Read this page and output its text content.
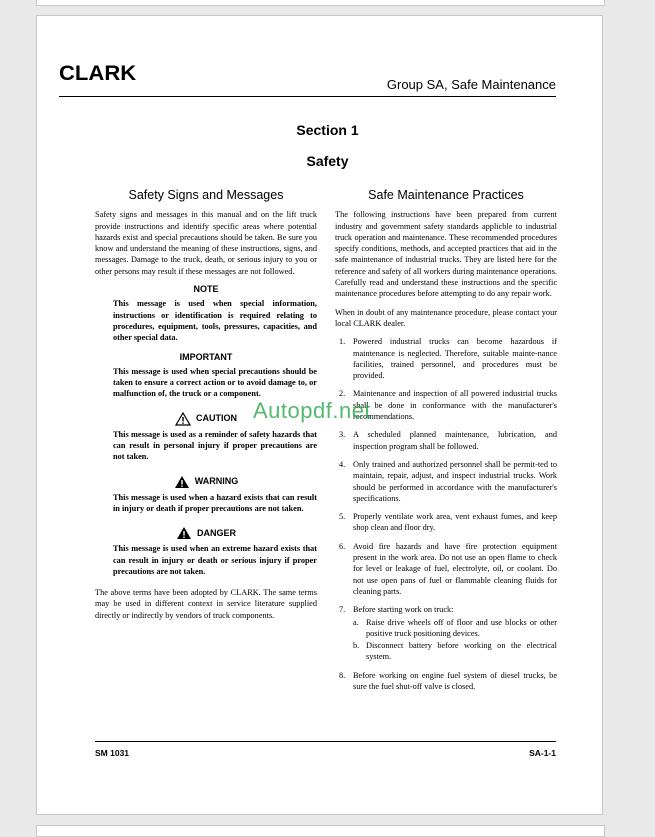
CLARK	Group SA, Safe Maintenance
Section 1
Safety
Safety Signs and Messages

Safety signs and messages in this manual and on the lift truck provide instructions and identify specific areas where potential hazards exist and special precautions should be taken. Be sure you know and understand the meaning of these instructions, signs, and messages. Damage to the truck, death, or serious injury to you or other persons may result if these messages are not followed.

NOTE
This message is used when special information, instructions or identification is required relating to procedures, equipment, tools, pressures, capacities, and other special data.
IMPORTANT
This message is used when special precautions should be taken to ensure a correct action or to avoid damage to, or malfunction of, the truck or a component.
CAUTION
This message is used as a reminder of safety hazards that can result in personal injury if proper precautions are not taken.
WARNING
This message is used when a hazard exists that can result in injury or death if proper precautions are not taken.
DANGER
This message is used when an extreme hazard exists that can result in injury or death or serious injury if proper precautions are not taken.

The above terms have been adopted by CLARK. The same terms may be used in different context in service literature supplied directly or indirectly by vendors of truck components.

Safe Maintenance Practices

The following instructions have been prepared from current industry and government safety standards applicble to industrial truck operation and maintenance. These recommended procedures specify conditions, methods, and accepted practices that aid in the safe maintenance of industrial trucks. They are listed here for the reference and safety of all workers during maintenance operations. Carefully read and understand these instructions and the specific maintenance procedures before attempting to do any repair work.

When in doubt of any maintenance procedure, please contact your local CLARK dealer.

1. Powered industrial trucks can become hazardous if maintenance is neglected. Therefore, suitable mainte-nance facilities, trained personnel, and procedures must be provided.
2. Maintenance and inspection of all powered industrial trucks shall be done in conformance with the manufacturer's recommendations.
3. A scheduled planned maintenance, lubrication, and inspection program shall be followed.
4. Only trained and authorized personnel shall be permit-ted to maintain, repair, adjust, and inspect industrial trucks. Work should be performed in accordance with the manufacturer's specifications.
5. Properly ventilate work area, vent exhaust fumes, and keep shop clean and floor dry.
6. Avoid fire hazards and have fire protection equipment present in the work area. Do not use an open flame to check for level or leakage of fuel, electrolyte, oil, or coolant. Do not use open pans of fuel or flammable cleaning fluids for cleaning parts.
7. Before starting work on truck:
a. Raise drive wheels off of floor and use blocks or other positive truck positioning devices.
b. Disconnect battery before working on the electrical system.
8. Before working on engine fuel system of diesel trucks, be sure the fuel shut-off valve is closed.
Autopdf.net
SM 1031	SA-1-1
